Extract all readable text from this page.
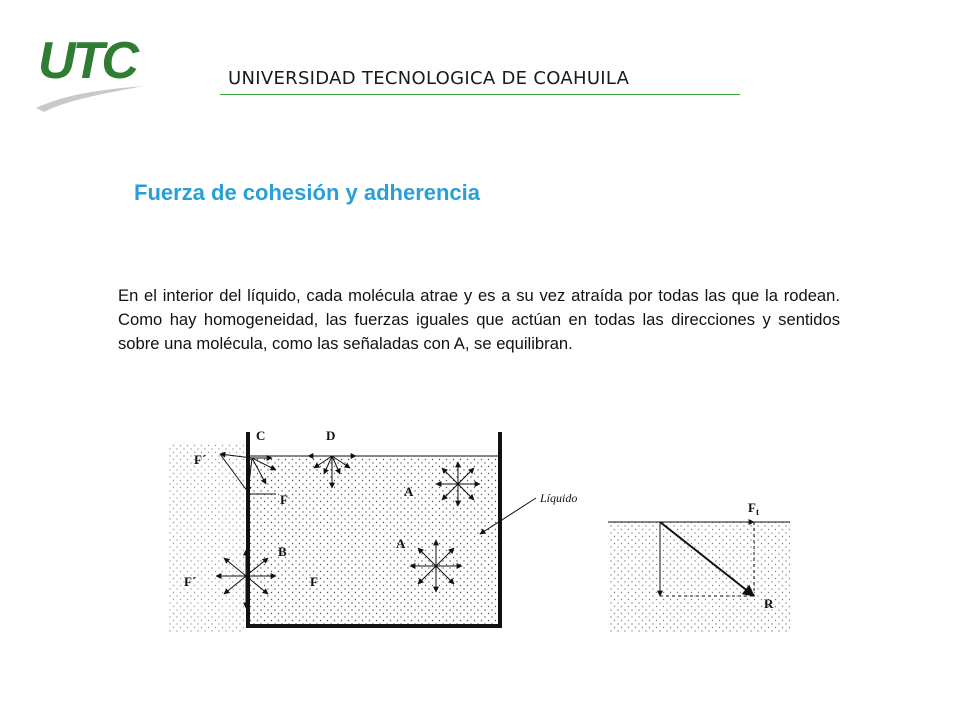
UTC	UNIVERSIDAD TECNOLOGICA DE COAHUILA
Fuerza de cohesión y adherencia
En el interior del líquido, cada molécula atrae y es a su vez atraída por todas las que la rodean. Como hay homogeneidad, las fuerzas iguales que actúan en todas las direcciones y sentidos sobre una molécula, como las señaladas con A, se equilibran.
C	D
F´
F
A
A
B
F´	F
Líquido
$F_t$
R
